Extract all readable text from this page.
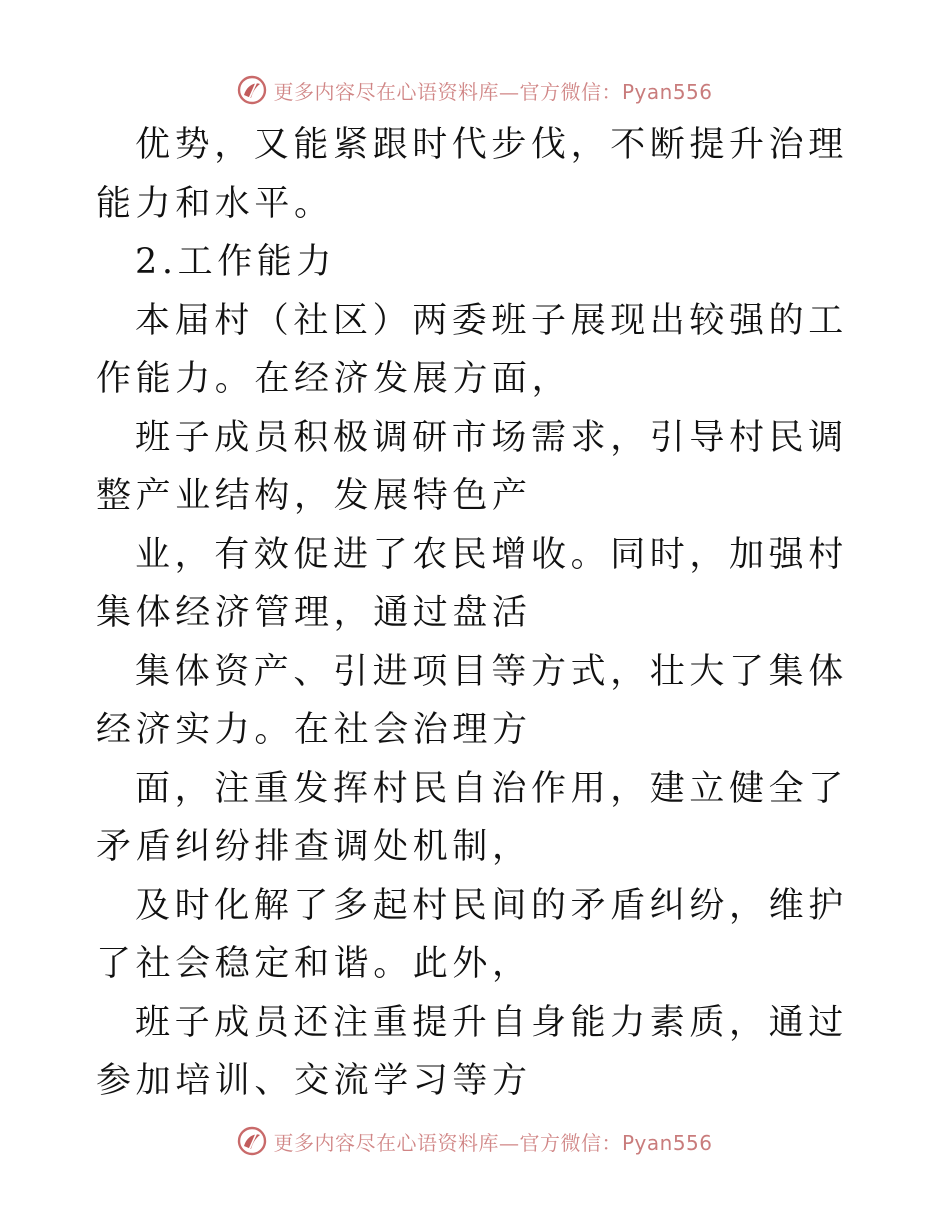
更多内容尽在心语资料库—官方微信：Pyan556

优势，又能紧跟时代步伐，不断提升治理能力和水平。

2.工作能力

本届村（社区）两委班子展现出较强的工作能力。在经济发展方面，

班子成员积极调研市场需求，引导村民调整产业结构，发展特色产

业，有效促进了农民增收。同时，加强村集体经济管理，通过盘活

集体资产、引进项目等方式，壮大了集体经济实力。在社会治理方

面，注重发挥村民自治作用，建立健全了矛盾纠纷排查调处机制，

及时化解了多起村民间的矛盾纠纷，维护了社会稳定和谐。此外，

班子成员还注重提升自身能力素质，通过参加培训、交流学习等方

更多内容尽在心语资料库—官方微信：Pyan556
